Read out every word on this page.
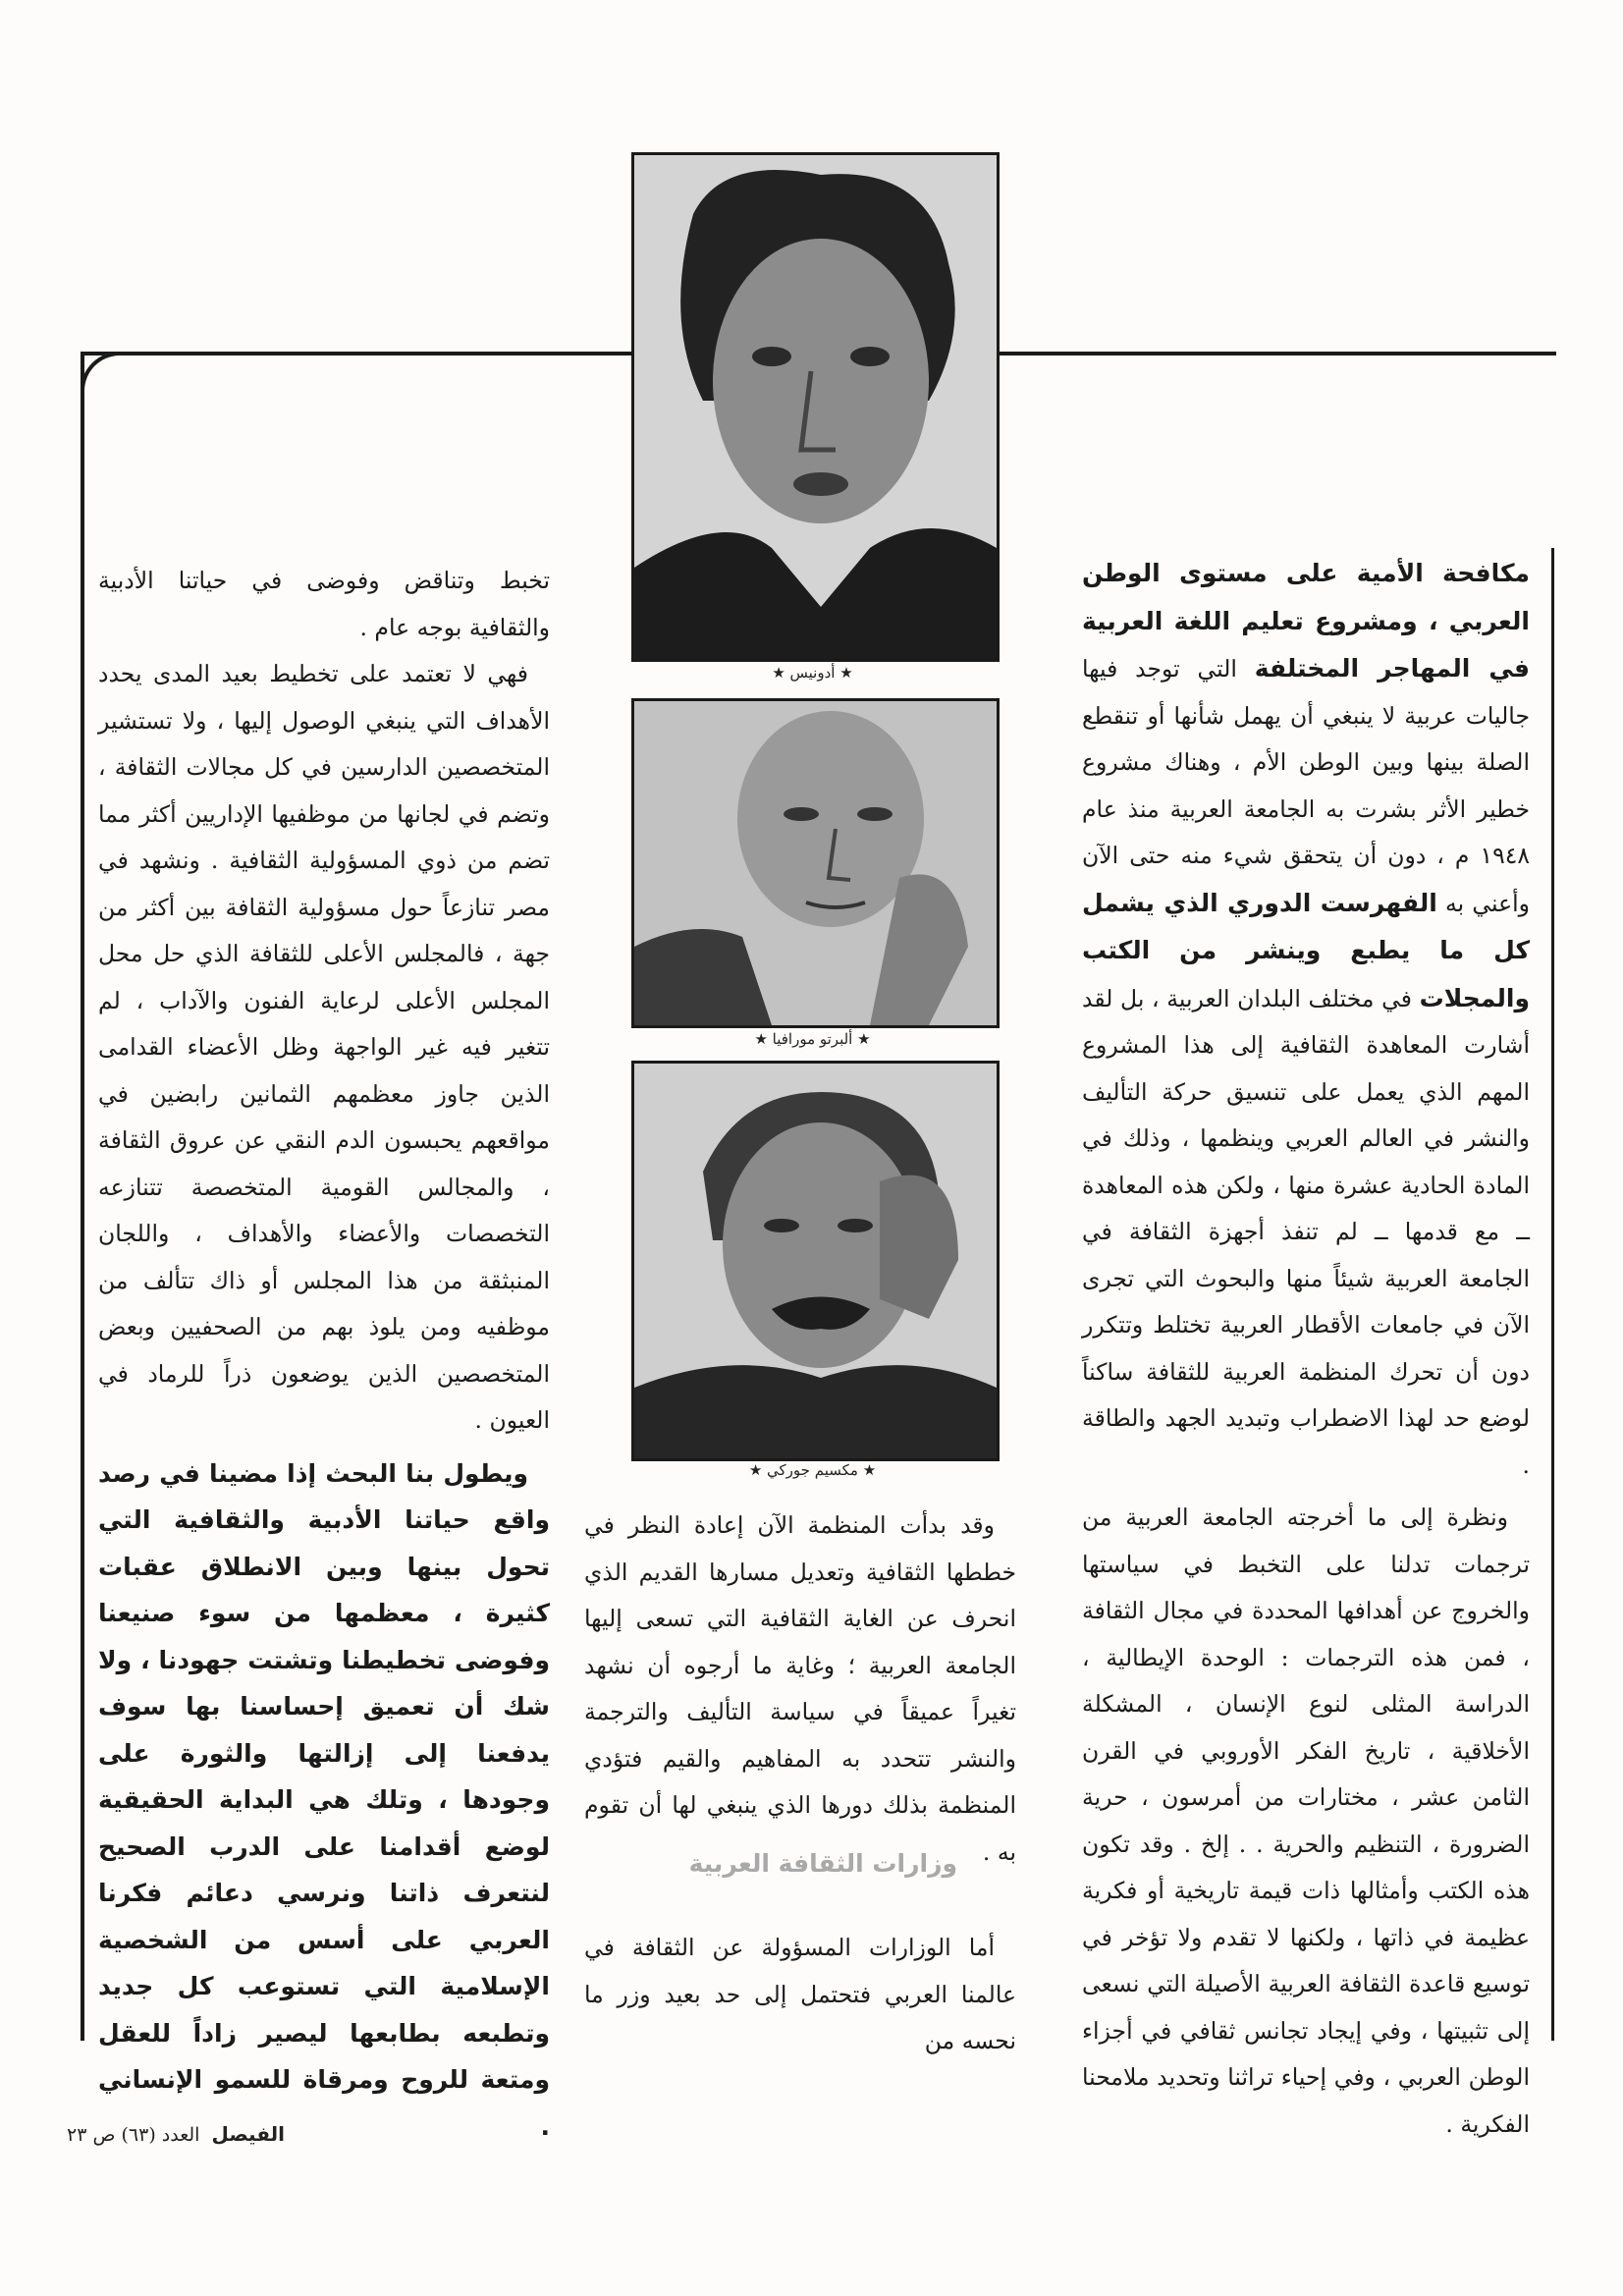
★ أدونيس ★
★ ألبرتو مورافيا ★
★ مكسيم جوركي ★

مكافحة الأمية على مستوى الوطن العربي ، ومشروع تعليم اللغة العربية في المهاجر المختلفة التي توجد فيها جاليات عربية لا ينبغي أن يهمل شأنها أو تنقطع الصلة بينها وبين الوطن الأم ، وهناك مشروع خطير الأثر بشرت به الجامعة العربية منذ عام ١٩٤٨ م ، دون أن يتحقق شيء منه حتى الآن وأعني به الفهرست الدوري الذي يشمل كل ما يطبع وينشر من الكتب والمجلات في مختلف البلدان العربية ، بل لقد أشارت المعاهدة الثقافية إلى هذا المشروع المهم الذي يعمل على تنسيق حركة التأليف والنشر في العالم العربي وينظمها ، وذلك في المادة الحادية عشرة منها ، ولكن هذه المعاهدة ــ مع قدمها ــ لم تنفذ أجهزة الثقافة في الجامعة العربية شيئاً منها والبحوث التي تجرى الآن في جامعات الأقطار العربية تختلط وتتكرر دون أن تحرك المنظمة العربية للثقافة ساكناً لوضع حد لهذا الاضطراب وتبديد الجهد والطاقة .

ونظرة إلى ما أخرجته الجامعة العربية من ترجمات تدلنا على التخبط في سياستها والخروج عن أهدافها المحددة في مجال الثقافة ، فمن هذه الترجمات : الوحدة الإيطالية ، الدراسة المثلى لنوع الإنسان ، المشكلة الأخلاقية ، تاريخ الفكر الأوروبي في القرن الثامن عشر ، مختارات من أمرسون ، حرية الضرورة ، التنظيم والحرية . . إلخ . وقد تكون هذه الكتب وأمثالها ذات قيمة تاريخية أو فكرية عظيمة في ذاتها ، ولكنها لا تقدم ولا تؤخر في توسيع قاعدة الثقافة العربية الأصيلة التي نسعى إلى تثبيتها ، وفي إيجاد تجانس ثقافي في أجزاء الوطن العربي ، وفي إحياء تراثنا وتحديد ملامحنا الفكرية .

وقد بدأت المنظمة الآن إعادة النظر في خططها الثقافية وتعديل مسارها القديم الذي انحرف عن الغاية الثقافية التي تسعى إليها الجامعة العربية ؛ وغاية ما أرجوه أن نشهد تغيراً عميقاً في سياسة التأليف والترجمة والنشر تتحدد به المفاهيم والقيم فتؤدي المنظمة بذلك دورها الذي ينبغي لها أن تقوم به .

وزارات الثقافة العربية

أما الوزارات المسؤولة عن الثقافة في عالمنا العربي فتحتمل إلى حد بعيد وزر ما نحسه من

تخبط وتناقض وفوضى في حياتنا الأدبية والثقافية بوجه عام .

فهي لا تعتمد على تخطيط بعيد المدى يحدد الأهداف التي ينبغي الوصول إليها ، ولا تستشير المتخصصين الدارسين في كل مجالات الثقافة ، وتضم في لجانها من موظفيها الإداريين أكثر مما تضم من ذوي المسؤولية الثقافية . ونشهد في مصر تنازعاً حول مسؤولية الثقافة بين أكثر من جهة ، فالمجلس الأعلى للثقافة الذي حل محل المجلس الأعلى لرعاية الفنون والآداب ، لم تتغير فيه غير الواجهة وظل الأعضاء القدامى الذين جاوز معظمهم الثمانين رابضين في مواقعهم يحبسون الدم النقي عن عروق الثقافة ، والمجالس القومية المتخصصة تتنازعه التخصصات والأعضاء والأهداف ، واللجان المنبثقة من هذا المجلس أو ذاك تتألف من موظفيه ومن يلوذ بهم من الصحفيين وبعض المتخصصين الذين يوضعون ذراً للرماد في العيون .

ويطول بنا البحث إذا مضينا في رصد واقع حياتنا الأدبية والثقافية التي تحول بينها وبين الانطلاق عقبات كثيرة ، معظمها من سوء صنيعنا وفوضى تخطيطنا وتشتت جهودنا ، ولا شك أن تعميق إحساسنا بها سوف يدفعنا إلى إزالتها والثورة على وجودها ، وتلك هي البداية الحقيقية لوضع أقدامنا على الدرب الصحيح لنتعرف ذاتنا ونرسي دعائم فكرنا العربي على أسس من الشخصية الإسلامية التي تستوعب كل جديد وتطبعه بطابعها ليصير زاداً للعقل ومتعة للروح ومرقاة للسمو الإنساني .

الفيصل العدد (٦٣) ص ٢٣
